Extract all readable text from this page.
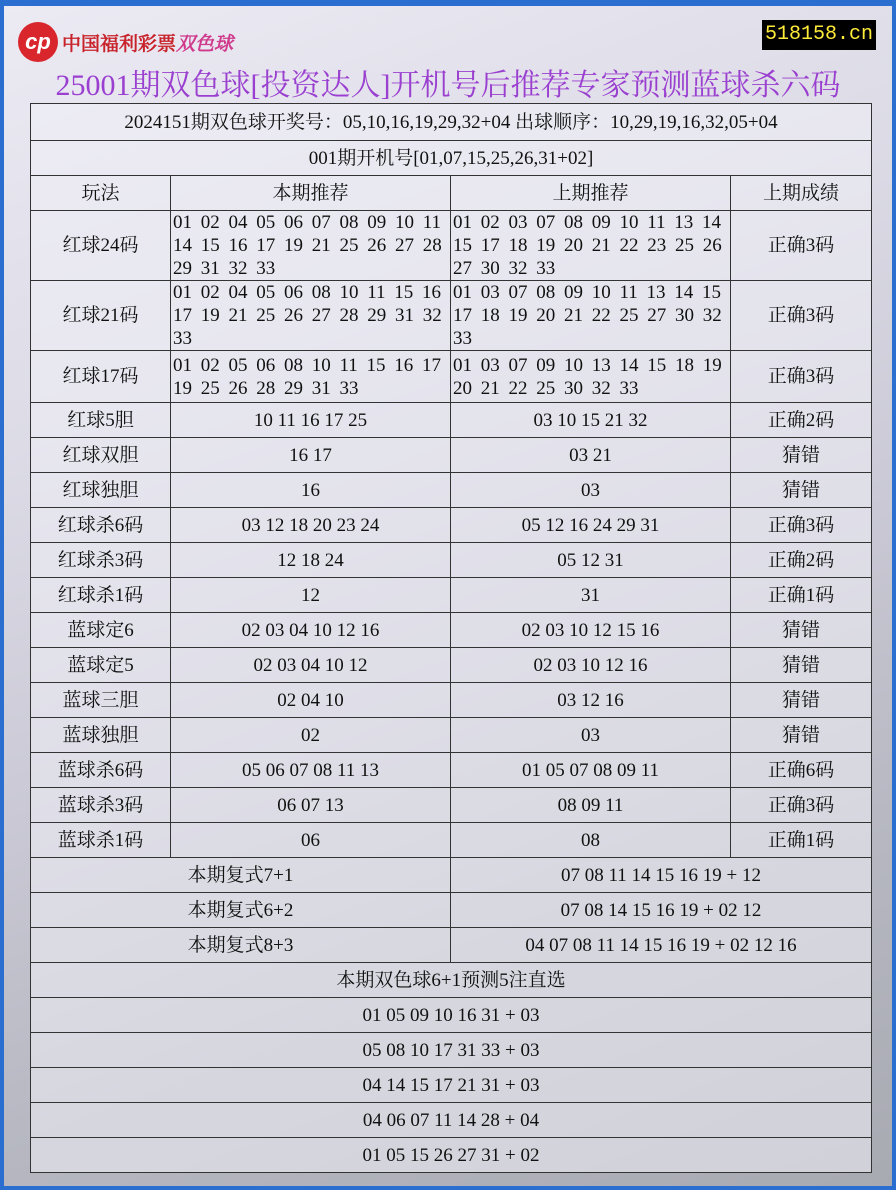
cp 中国福利彩票双色球	518158.cn
25001期双色球[投资达人]开机号后推荐专家预测蓝球杀六码
2024151期双色球开奖号：05,10,16,19,29,32+04 出球顺序：10,29,19,16,32,05+04			
001期开机号[01,07,15,25,26,31+02]			
玩法	本期推荐	上期推荐	上期成绩
红球24码	01 02 04 05 06 07 08 09 10 11 14 15 16 17 19 21 25 26 27 28 29 31 32 33	01 02 03 07 08 09 10 11 13 14 15 17 18 19 20 21 22 23 25 26 27 30 32 33	正确3码
红球21码	01 02 04 05 06 08 10 11 15 16 17 19 21 25 26 27 28 29 31 32 33	01 03 07 08 09 10 11 13 14 15 17 18 19 20 21 22 25 27 30 32 33	正确3码
红球17码	01 02 05 06 08 10 11 15 16 17 19 25 26 28 29 31 33	01 03 07 09 10 13 14 15 18 19 20 21 22 25 30 32 33	正确3码
红球5胆	10 11 16 17 25	03 10 15 21 32	正确2码
红球双胆	16 17	03 21	猜错
红球独胆	16	03	猜错
红球杀6码	03 12 18 20 23 24	05 12 16 24 29 31	正确3码
红球杀3码	12 18 24	05 12 31	正确2码
红球杀1码	12	31	正确1码
蓝球定6	02 03 04 10 12 16	02 03 10 12 15 16	猜错
蓝球定5	02 03 04 10 12	02 03 10 12 16	猜错
蓝球三胆	02 04 10	03 12 16	猜错
蓝球独胆	02	03	猜错
蓝球杀6码	05 06 07 08 11 13	01 05 07 08 09 11	正确6码
蓝球杀3码	06 07 13	08 09 11	正确3码
蓝球杀1码	06	08	正确1码
本期复式7+1		07 08 11 14 15 16 19 + 12	
本期复式6+2		07 08 14 15 16 19 + 02 12	
本期复式8+3		04 07 08 11 14 15 16 19 + 02 12 16	
本期双色球6+1预测5注直选			
01 05 09 10 16 31 + 03			
05 08 10 17 31 33 + 03			
04 14 15 17 21 31 + 03			
04 06 07 11 14 28 + 04			
01 05 15 26 27 31 + 02			
